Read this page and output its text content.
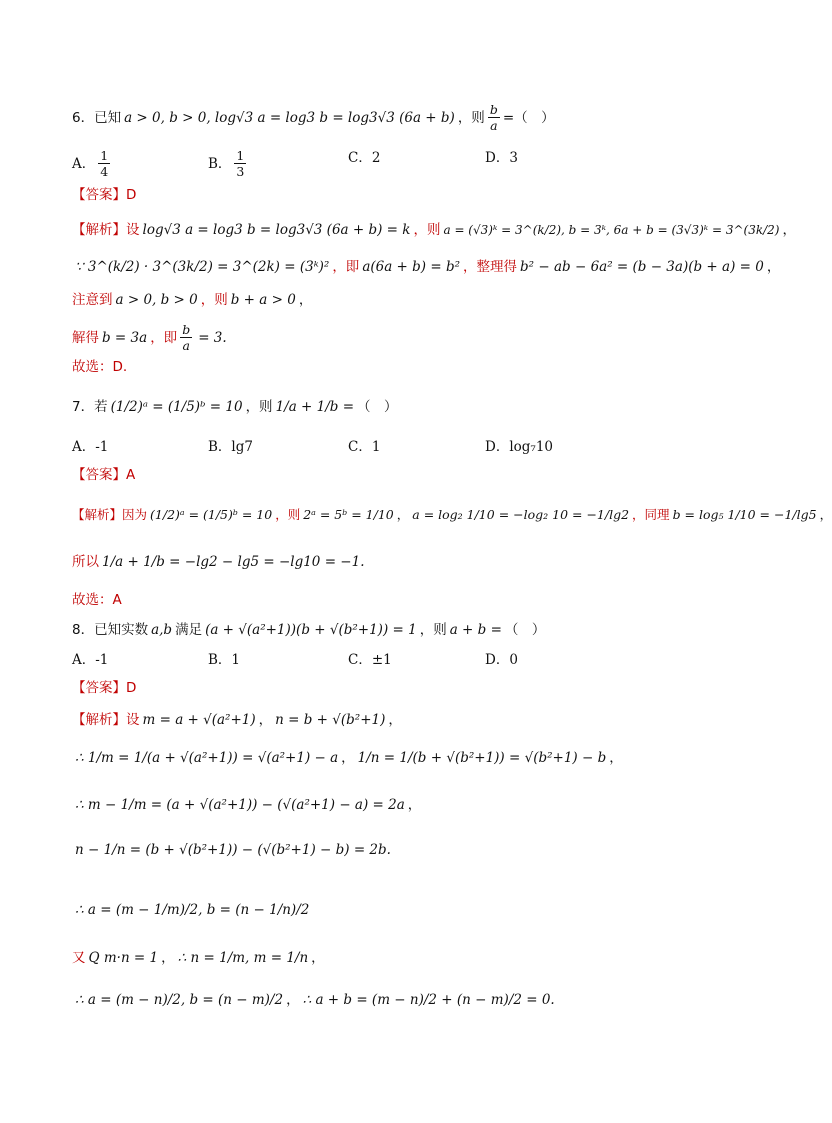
6．已知 a > 0, b > 0, log√3 a = log3 b = log3√3 (6a + b) ，则 $\frac{b}{a}$ =（　）
A． $\frac{1}{4}$	B． $\frac{1}{3}$	C．2	D．3
【答案】 D
【解析】 设 log√3 a = log3 b = log3√3 (6a + b) = k ，则 a = (√3)ᵏ = 3^(k/2), b = 3ᵏ, 6a + b = (3√3)ᵏ = 3^(3k/2) ，
∵ 3^(k/2) · 3^(3k/2) = 3^(2k) = (3ᵏ)² ，即 a(6a + b) = b² ，整理得 b² − ab − 6a² = (b − 3a)(b + a) = 0 ，
注意到 a > 0, b > 0 ，则 b + a > 0 ，
解得 b = 3a ，即 $\frac{b}{a} = 3$.
故选：D.
7．若 (1/2)ᵃ = (1/5)ᵇ = 10 ，则 1/a + 1/b = （　）
A．-1	B．lg7	C．1	D．log₇10
【答案】 A
【解析】 因为 (1/2)ᵃ = (1/5)ᵇ = 10 ，则 2ᵃ = 5ᵇ = 1/10 ， a = log₂ 1/10 = −log₂ 10 = −1/lg2 ，同理 b = log₅ 1/10 = −1/lg5 ，
所以 1/a + 1/b = −lg2 − lg5 = −lg10 = −1.
故选：A
8．已知实数 a,b 满足 (a + √(a²+1))(b + √(b²+1)) = 1 ，则 a + b = （　）
A．-1	B．1	C．±1	D．0
【答案】 D
【解析】 设 m = a + √(a²+1) ， n = b + √(b²+1) ，
∴ 1/m = 1/(a + √(a²+1)) = √(a²+1) − a ， 1/n = 1/(b + √(b²+1)) = √(b²+1) − b ，
∴ m − 1/m = (a + √(a²+1)) − (√(a²+1) − a) = 2a ，
n − 1/n = (b + √(b²+1)) − (√(b²+1) − b) = 2b.
∴ a = (m − 1/m)/2, b = (n − 1/n)/2
又 Q m·n = 1 ， ∴ n = 1/m, m = 1/n ，
∴ a = (m − n)/2, b = (n − m)/2 ， ∴ a + b = (m − n)/2 + (n − m)/2 = 0.
